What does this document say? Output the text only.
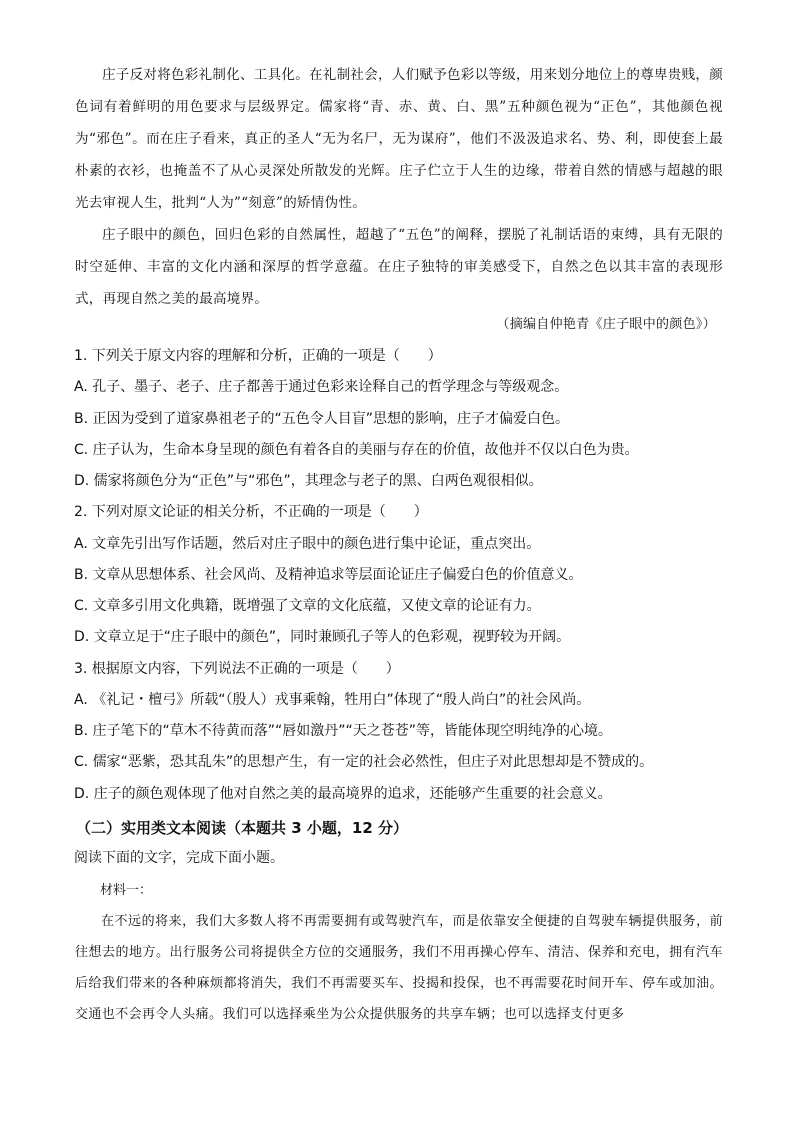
庄子反对将色彩礼制化、工具化。在礼制社会，人们赋予色彩以等级，用来划分地位上的尊卑贵贱，颜色词有着鲜明的用色要求与层级界定。儒家将“青、赤、黄、白、黑”五种颜色视为“正色”，其他颜色视为“邪色”。而在庄子看来，真正的圣人“无为名尸，无为谋府”，他们不汲汲追求名、势、利，即使套上最朴素的衣衫，也掩盖不了从心灵深处所散发的光辉。庄子伫立于人生的边缘，带着自然的情感与超越的眼光去审视人生，批判“人为”“刻意”的矫情伪性。
庄子眼中的颜色，回归色彩的自然属性，超越了“五色”的阐释，摆脱了礼制话语的束缚，具有无限的时空延伸、丰富的文化内涵和深厚的哲学意蕴。在庄子独特的审美感受下，自然之色以其丰富的表现形式，再现自然之美的最高境界。
（摘编自仲艳青《庄子眼中的颜色》）
1. 下列关于原文内容的理解和分析，正确的一项是（　　）
A. 孔子、墨子、老子、庄子都善于通过色彩来诠释自己的哲学理念与等级观念。
B. 正因为受到了道家鼻祖老子的“五色令人目盲”思想的影响，庄子才偏爱白色。
C. 庄子认为，生命本身呈现的颜色有着各自的美丽与存在的价值，故他并不仅以白色为贵。
D. 儒家将颜色分为“正色”与“邪色”，其理念与老子的黑、白两色观很相似。
2. 下列对原文论证的相关分析，不正确的一项是（　　）
A. 文章先引出写作话题，然后对庄子眼中的颜色进行集中论证，重点突出。
B. 文章从思想体系、社会风尚、及精神追求等层面论证庄子偏爱白色的价值意义。
C. 文章多引用文化典籍，既增强了文章的文化底蕴，又使文章的论证有力。
D. 文章立足于“庄子眼中的颜色”，同时兼顾孔子等人的色彩观，视野较为开阔。
3. 根据原文内容，下列说法不正确的一项是（　　）
A. 《礼记・檀弓》所载“（殷人）戎事乘翰，牲用白”体现了“殷人尚白”的社会风尚。
B. 庄子笔下的“草木不待黄而落”“唇如激丹”“天之苍苍”等，皆能体现空明纯净的心境。
C. 儒家“恶紫，恐其乱朱”的思想产生，有一定的社会必然性，但庄子对此思想却是不赞成的。
D. 庄子的颜色观体现了他对自然之美的最高境界的追求，还能够产生重要的社会意义。
（二）实用类文本阅读（本题共 3 小题，12 分）
阅读下面的文字，完成下面小题。
材料一：
在不远的将来，我们大多数人将不再需要拥有或驾驶汽车，而是依靠安全便捷的自驾驶车辆提供服务，前往想去的地方。出行服务公司将提供全方位的交通服务，我们不用再操心停车、清洁、保养和充电，拥有汽车后给我们带来的各种麻烦都将消失，我们不再需要买车、投揭和投保，也不再需要花时间开车、停车或加油。交通也不会再令人头痛。我们可以选择乘坐为公众提供服务的共享车辆；也可以选择支付更多
